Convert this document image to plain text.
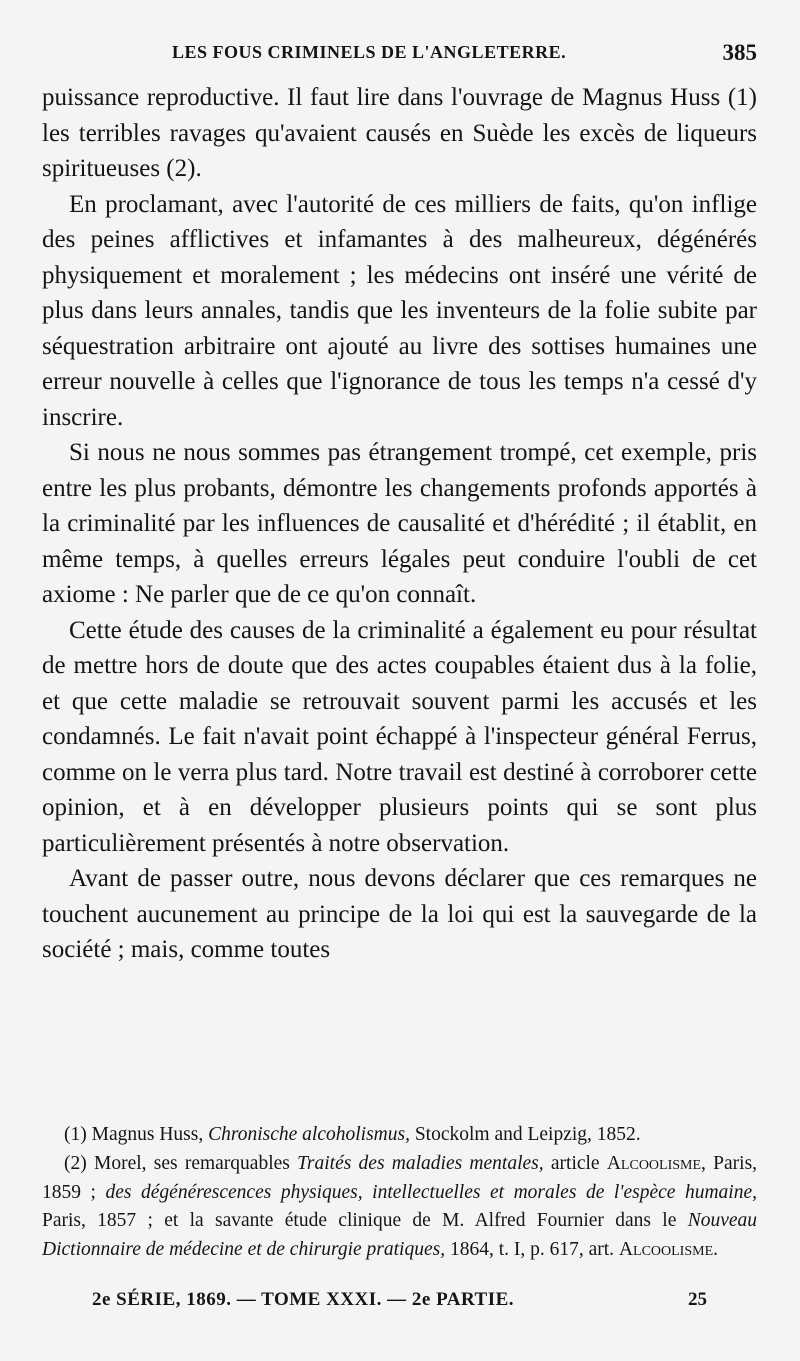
LES FOUS CRIMINELS DE L'ANGLETERRE.	385

puissance reproductive. Il faut lire dans l'ouvrage de Magnus Huss (1) les terribles ravages qu'avaient causés en Suède les excès de liqueurs spiritueuses (2).

En proclamant, avec l'autorité de ces milliers de faits, qu'on inflige des peines afflictives et infamantes à des malheureux, dégénérés physiquement et moralement ; les médecins ont inséré une vérité de plus dans leurs annales, tandis que les inventeurs de la folie subite par séquestration arbitraire ont ajouté au livre des sottises humaines une erreur nouvelle à celles que l'ignorance de tous les temps n'a cessé d'y inscrire.

Si nous ne nous sommes pas étrangement trompé, cet exemple, pris entre les plus probants, démontre les changements profonds apportés à la criminalité par les influences de causalité et d'hérédité ; il établit, en même temps, à quelles erreurs légales peut conduire l'oubli de cet axiome : Ne parler que de ce qu'on connaît.

Cette étude des causes de la criminalité a également eu pour résultat de mettre hors de doute que des actes coupables étaient dus à la folie, et que cette maladie se retrouvait souvent parmi les accusés et les condamnés. Le fait n'avait point échappé à l'inspecteur général Ferrus, comme on le verra plus tard. Notre travail est destiné à corroborer cette opinion, et à en développer plusieurs points qui se sont plus particulièrement présentés à notre observation.

Avant de passer outre, nous devons déclarer que ces remarques ne touchent aucunement au principe de la loi qui est la sauvegarde de la société ; mais, comme toutes

(1) Magnus Huss, Chronische alcoholismus, Stockolm and Leipzig, 1852.

(2) Morel, ses remarquables Traités des maladies mentales, article Alcoolisme, Paris, 1859 ; des dégénérescences physiques, intellectuelles et morales de l'espèce humaine, Paris, 1857 ; et la savante étude clinique de M. Alfred Fournier dans le Nouveau Dictionnaire de médecine et de chirurgie pratiques, 1864, t. I, p. 617, art. Alcoolisme.

2e SÉRIE, 1869. — TOME XXXI. — 2e PARTIE.	25
